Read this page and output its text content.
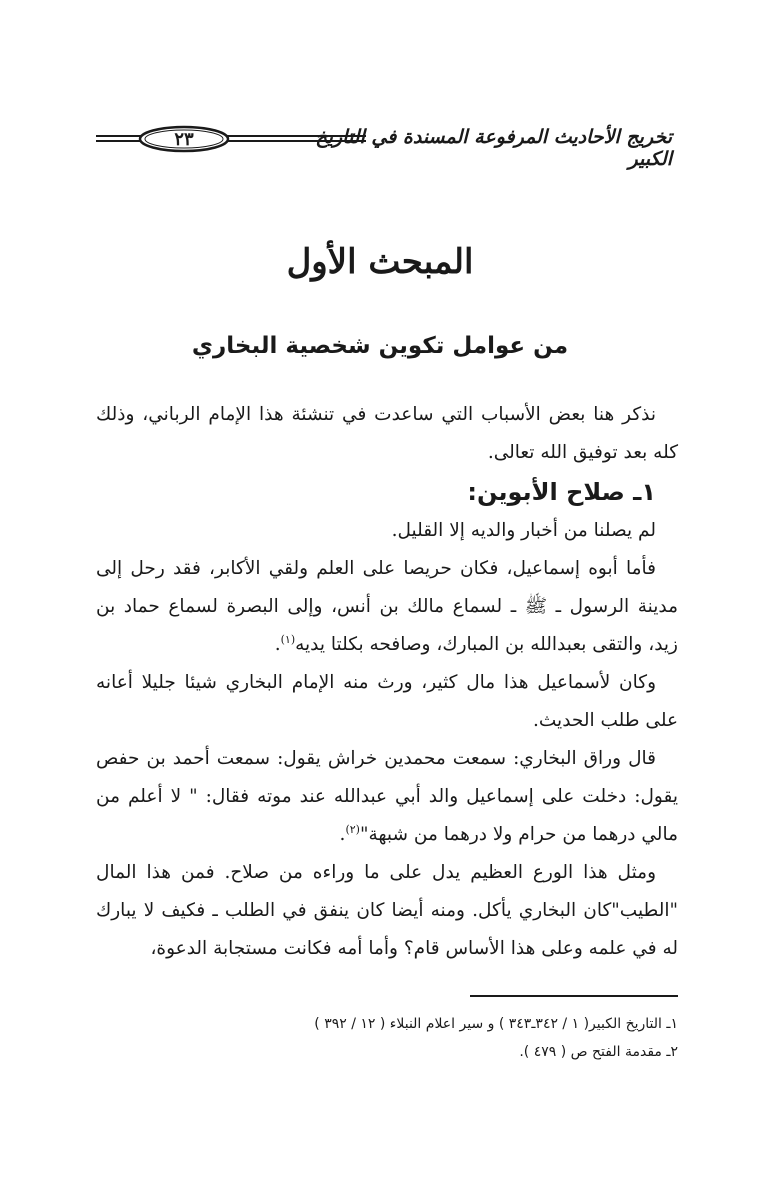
تخريج الأحاديث المرفوعة المسندة في التاريخ الكبير
٢٣
المبحث الأول
من عوامل تكوين شخصية البخاري

نذكر هنا بعض الأسباب التي ساعدت في تنشئة هذا الإمام الرباني، وذلك كله بعد توفيق الله تعالى.

١ـ صلاح الأبوين:

لم يصلنا من أخبار والديه إلا القليل.

فأما أبوه إسماعيل، فكان حريصا على العلم ولقي الأكابر، فقد رحل إلى مدينة الرسول ـ ﷺ ـ لسماع مالك بن أنس، وإلى البصرة لسماع حماد بن زيد، والتقى بعبدالله بن المبارك، وصافحه بكلتا يديه$^{(١)}$.

وكان لأسماعيل هذا مال كثير، ورث منه الإمام البخاري شيئا جليلا أعانه على طلب الحديث.

قال وراق البخاري: سمعت محمدين خراش يقول: سمعت أحمد بن حفص يقول: دخلت على إسماعيل والد أبي عبدالله عند موته فقال: " لا أعلم من مالي درهما من حرام ولا درهما من شبهة"$^{(٢)}$.

ومثل هذا الورع العظيم يدل على ما وراءه من صلاح. فمن هذا المال "الطيب"كان البخاري يأكل. ومنه أيضا كان ينفق في الطلب ـ فكيف لا يبارك له في علمه وعلى هذا الأساس قام؟ وأما أمه فكانت مستجابة الدعوة،

١ـ التاريخ الكبير( ١ / ٣٤٢ـ٣٤٣ ) و سير اعلام النبلاء ( ١٢ / ٣٩٢ )

٢ـ مقدمة الفتح ص ( ٤٧٩ ).
